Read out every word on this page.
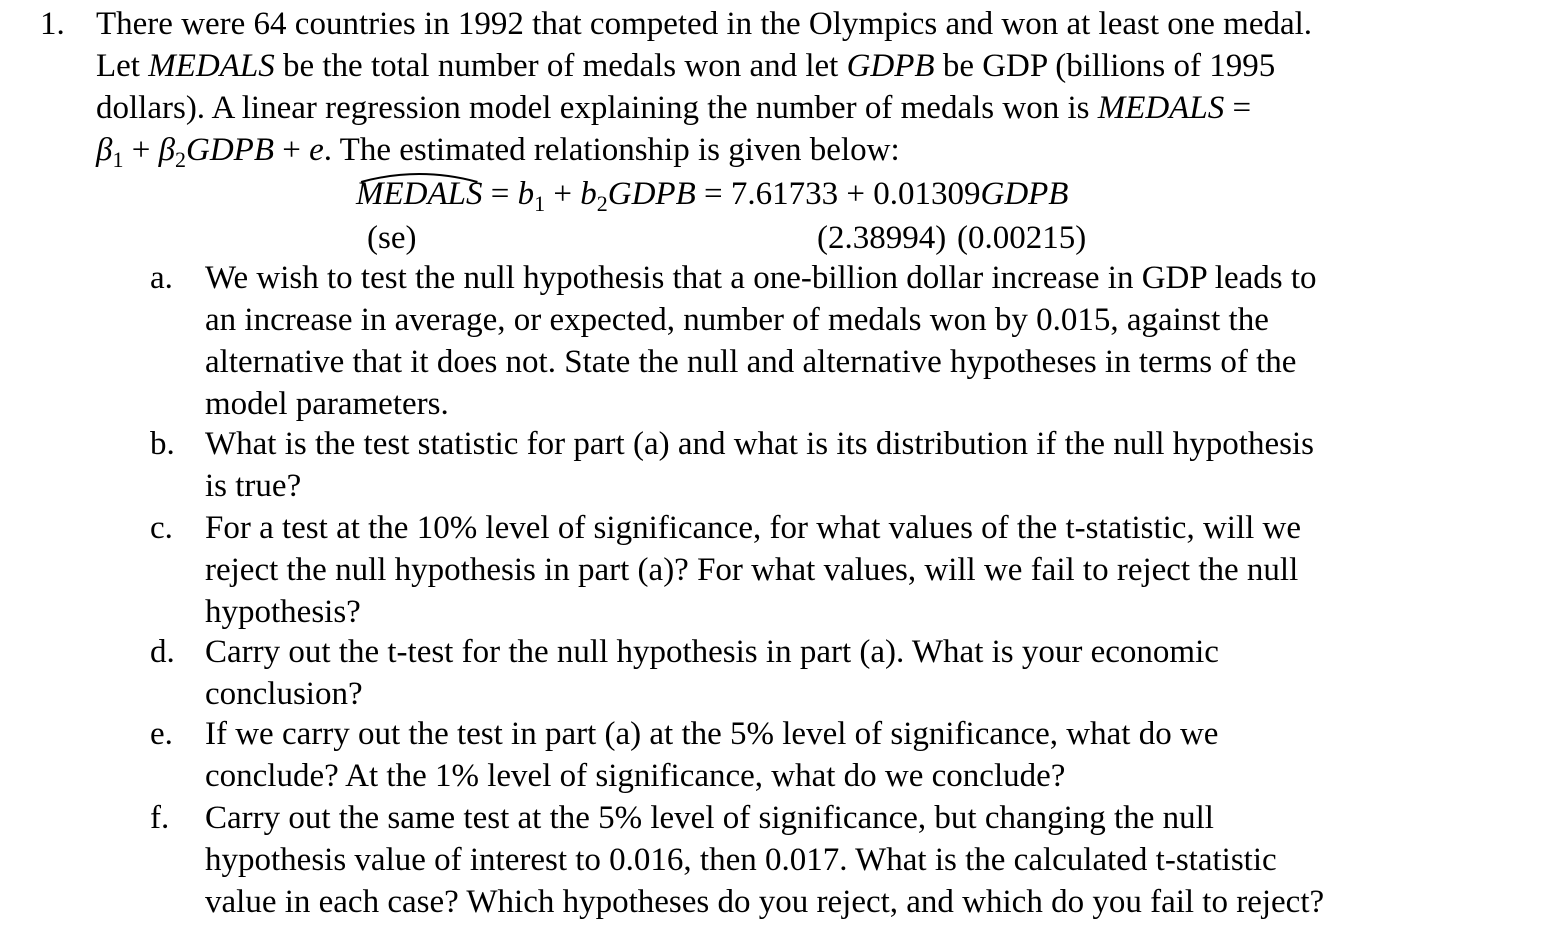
1. There were 64 countries in 1992 that competed in the Olympics and won at least one medal.
Let MEDALS be the total number of medals won and let GDPB be GDP (billions of 1995
dollars). A linear regression model explaining the number of medals won is MEDALS =
$\beta_1$ + $\beta_2GDPB + e$. The estimated relationship is given below:
MEDALS = $b_1$ + $b_2GDPB = 7.61733$ + 0.01309GDPB
(se)	(2.38994) (0.00215)
a. We wish to test the null hypothesis that a one-billion dollar increase in GDP leads to
an increase in average, or expected, number of medals won by 0.015, against the
alternative that it does not. State the null and alternative hypotheses in terms of the
model parameters.
b. What is the test statistic for part (a) and what is its distribution if the null hypothesis
is true?
c. For a test at the 10% level of significance, for what values of the t-statistic, will we
reject the null hypothesis in part (a)? For what values, will we fail to reject the null
hypothesis?
d. Carry out the t-test for the null hypothesis in part (a). What is your economic
conclusion?
e. If we carry out the test in part (a) at the 5% level of significance, what do we
conclude? At the 1% level of significance, what do we conclude?
f. Carry out the same test at the 5% level of significance, but changing the null
hypothesis value of interest to 0.016, then 0.017. What is the calculated t-statistic
value in each case? Which hypotheses do you reject, and which do you fail to reject?
